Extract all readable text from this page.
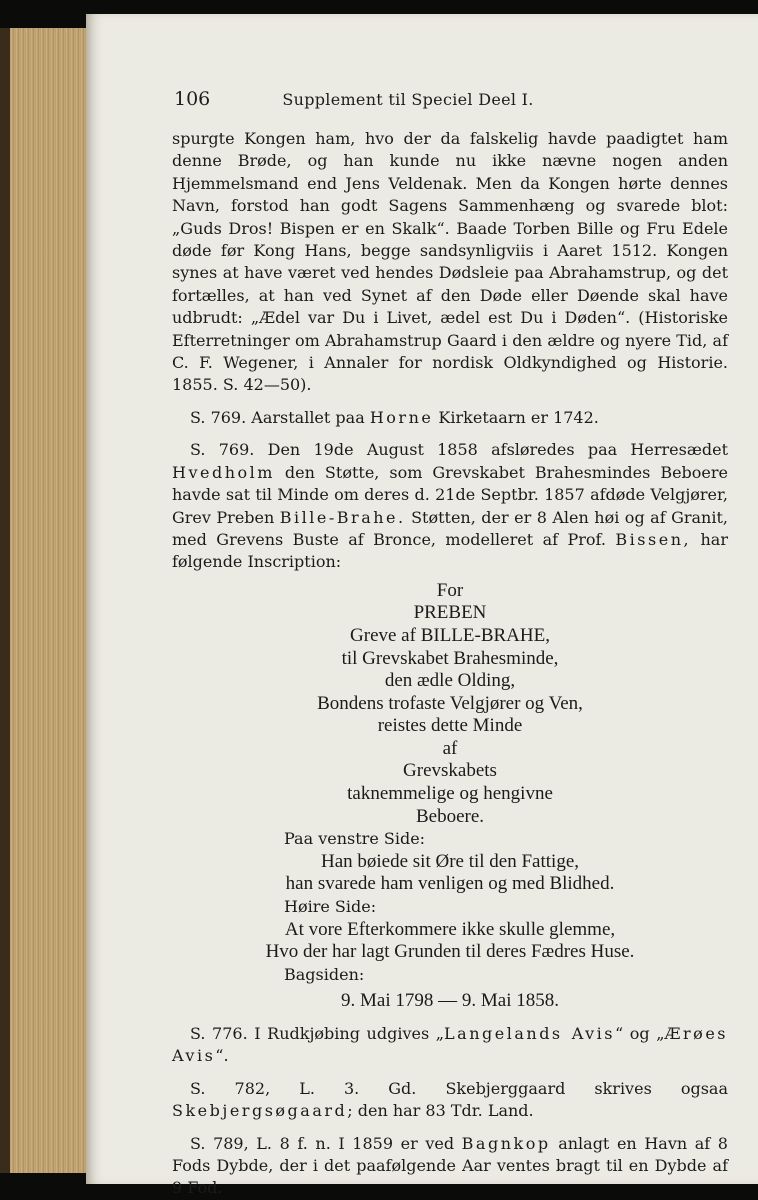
106	Supplement til Speciel Deel I.

spurgte Kongen ham, hvo der da falskelig havde paadigtet ham denne Brøde, og han kunde nu ikke nævne nogen anden Hjemmelsmand end Jens Veldenak. Men da Kongen hørte dennes Navn, forstod han godt Sagens Sammenhæng og svarede blot: „Guds Dros! Bispen er en Skalk“. Baade Torben Bille og Fru Edele døde før Kong Hans, begge sandsynligviis i Aaret 1512. Kongen synes at have været ved hendes Dødsleie paa Abrahamstrup, og det fortælles, at han ved Synet af den Døde eller Døende skal have udbrudt: „Ædel var Du i Livet, ædel est Du i Døden“. (Historiske Efterretninger om Abrahamstrup Gaard i den ældre og nyere Tid, af C. F. Wegener, i Annaler for nordisk Oldkyndighed og Historie. 1855. S. 42—50).

S. 769. Aarstallet paa Horne Kirketaarn er 1742.

S. 769. Den 19de August 1858 afsløredes paa Herresædet Hvedholm den Støtte, som Grevskabet Brahesmindes Beboere havde sat til Minde om deres d. 21de Septbr. 1857 afdøde Velgjører, Grev Preben Bille-Brahe. Støtten, der er 8 Alen høi og af Granit, med Grevens Buste af Bronce, modelleret af Prof. Bissen, har følgende Inscription:

For
PREBEN
Greve af BILLE-BRAHE,
til Grevskabet Brahesminde,
den ædle Olding,
Bondens trofaste Velgjører og Ven,
reistes dette Minde
af
Grevskabets
taknemmelige og hengivne
Beboere.
Paa venstre Side:
Han bøiede sit Øre til den Fattige,
han svarede ham venligen og med Blidhed.
Høire Side:
At vore Efterkommere ikke skulle glemme,
Hvo der har lagt Grunden til deres Fædres Huse.
Bagsiden:
9. Mai 1798 — 9. Mai 1858.

S. 776. I Rudkjøbing udgives „Langelands Avis“ og „Ærøes Avis“.

S. 782, L. 3. Gd. Skebjerggaard skrives ogsaa Skebjergsøgaard; den har 83 Tdr. Land.

S. 789, L. 8 f. n. I 1859 er ved Bagnkop anlagt en Havn af 8 Fods Dybde, der i det paafølgende Aar ventes bragt til en Dybde af 9 Fod.
